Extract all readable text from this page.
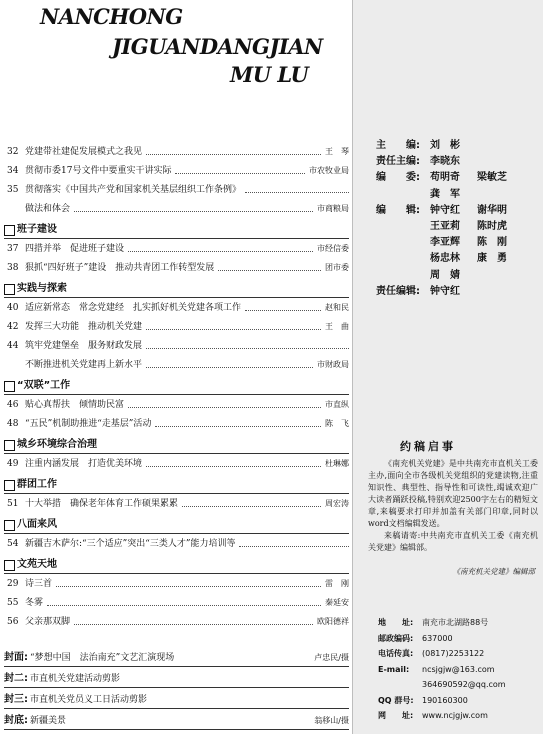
NANCHONG
JIGUANDANGJIAN
MU LU
32 党建带社建促发展模式之我见	王　琴
34 贯彻市委17号文件中要重实干讲实际	市农牧业局
35 贯彻落实《中国共产党和国家机关基层组织工作条例》
做法和体会	市商粮局
班子建设
37 四措并举　促进班子建设	市经信委
38 狠抓“四好班子”建设　推动共青团工作转型发展	团市委
实践与探索
40 适应新常态　常念党建经　扎实抓好机关党建各项工作	赵和民
42 发挥三大功能　推动机关党建	王　曲
44 筑牢党建堡垒　服务财政发展
不断推进机关党建再上新水平	市财政局
“双联”工作
46 贴心真帮扶　倾情助民富	市直纵
48 “五民”机制助推进“走基层”活动	陈　飞
城乡环境综合治理
49 注重内涵发展　打造优美环境	杜琳娜
群团工作
51 十大举措　确保老年体育工作硕果累累	周宏涛
八面来风
54 新疆吉木萨尔:“三个适应”突出“三类人才”能力培训等
文苑天地
29 诗三首	雷　刚
55 冬雾	秦延安
56 父亲那双脚	欧阳德祥
封面: “梦想中国　法治南充”文艺汇演现场	卢忠民/摄
封二: 市直机关党建活动剪影
封三: 市直机关党员义工日活动剪影
封底: 新疆美景	翁移山/摄
主　　编: 刘　彬
责任主编: 李晓东
编　　委: 苟明奇 梁敏芝
龚　军
编　　辑: 钟守红 谢华明
王亚莉 陈时虎
李亚辉 陈　刚
杨忠林 康　勇
周　婧
责任编辑: 钟守红
约稿启事

《南充机关党建》是中共南充市直机关工委主办,面向全市各级机关党组织的党建读物,注重知识性、典型性、指导性和可读性,竭诚欢迎广大读者踊跃投稿,特别欢迎2500字左右的精短文章,来稿要求打印并加盖有关部门印章,同时以word文档编辑发送。

来稿请寄:中共南充市直机关工委《南充机关党建》编辑部。

《南充机关党建》编辑部
地　　址: 南充市北湖路88号
邮政编码: 637000
电话传真: (0817)2253122
E-mail: ncsjgjw@163.com
364690592@qq.com
QQ 群号: 190160300
网　　址: www.ncjgjw.com
